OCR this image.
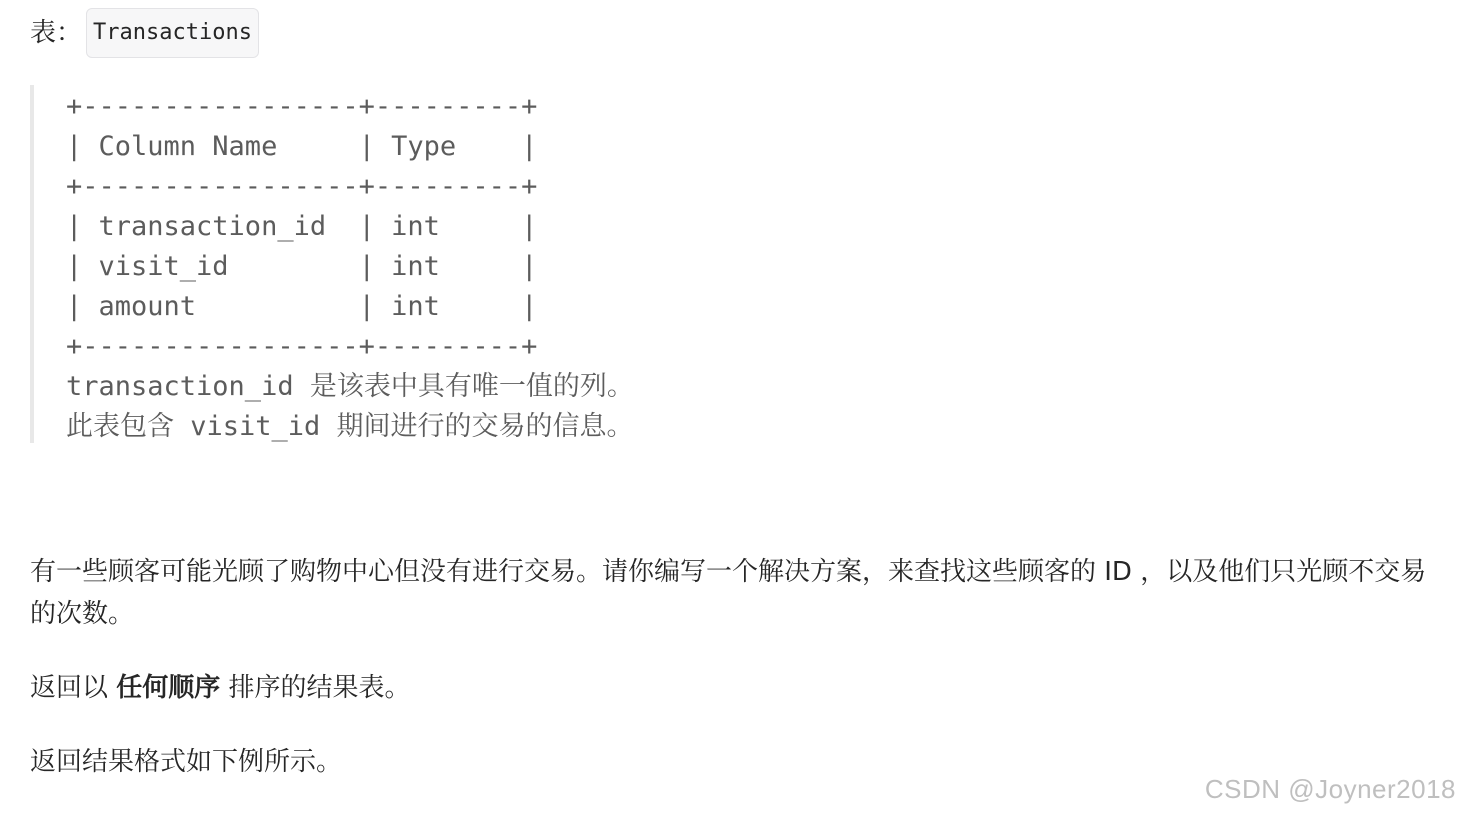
表： Transactions
+-----------------+---------+
| Column Name     | Type    |
+-----------------+---------+
| transaction_id  | int     |
| visit_id        | int     |
| amount          | int     |
+-----------------+---------+
transaction_id 是该表中具有唯一值的列。
此表包含 visit_id 期间进行的交易的信息。

有一些顾客可能光顾了购物中心但没有进行交易。请你编写一个解决方案，来查找这些顾客的 ID ，以及他们只光顾不交易的次数。

返回以 任何顺序 排序的结果表。

返回结果格式如下例所示。

CSDN @Joyner2018
